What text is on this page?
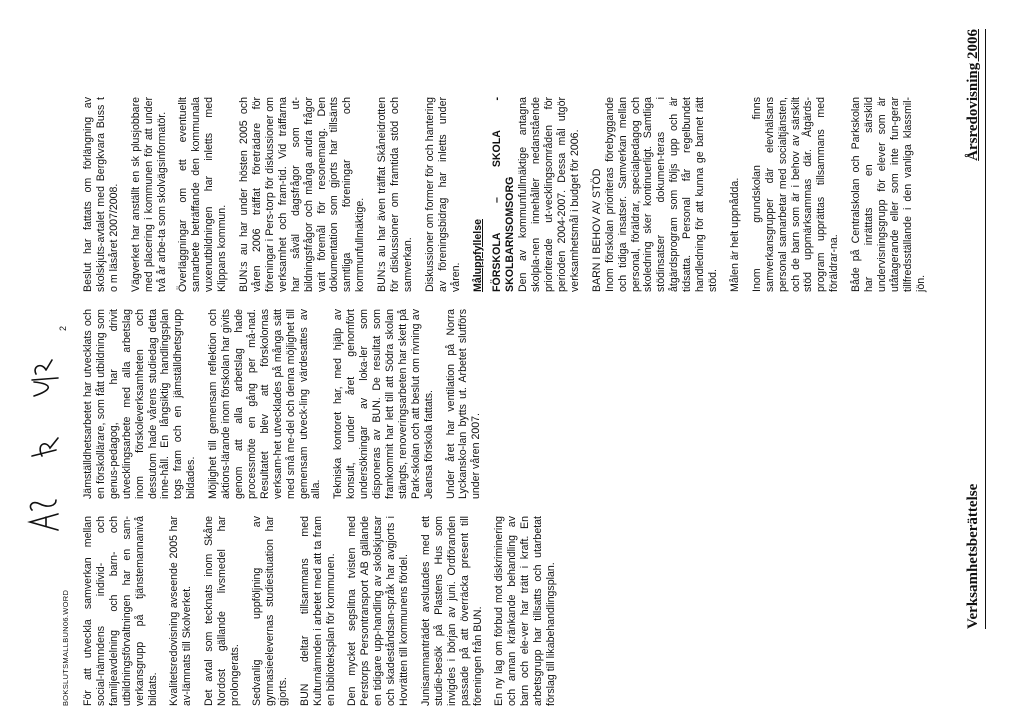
Verksamhetsberättelse
Årsredovisning 2006

För att utveckla samverkan mellan social-nämndens individ- och familjeavdelning och barn- och utbildningsförvaltningen har en sam-verkansgrupp på tjänstemannanivå bildats. Kvalitetsredovisning avseende 2005 har av-lämnats till Skolverket. Det avtal som tecknats inom Skåne Nordost gällande livsmedel har prolongerats. Sedvanlig uppföljning av gymnasieelevernas studiesituation har gjorts. BUN deltar tillsammans med Kulturnämnden i arbetet med att ta fram en biblioteksplan för kommunen. Den mycket segslitna tvisten med Perstorps Persontransport AB gällande en tidigare upp-handling av skolskjutsar och skadeståndsan-språk har avgjorts i Hovrätten till kommunens fördel. Junisammanträdet avslutades med ett studie-besök på Plastens Hus som invigdes i början av juni. Ordföranden passade på att överräcka present till föreningen från BUN. En ny lag om förbud mot diskriminering och annan kränkande behandling av barn och ele-ver har trätt i kraft. En arbetsgrupp har tillsatts och utarbetat förslag till likabehandlingsplan.

Jämställdhetsarbetet har utvecklats och en förskollärare, som fått utbildning som genus-pedagog, har drivit utvecklingsarbete med alla arbetslag inom förskoleverksamheten och dessutom hade vårens studiedag detta inne-håll. En långsiktig handlingsplan togs fram och en jämställdhetsgrupp bildades. Möjlighet till gemensam reflektion och aktions-lärande inom förskolan har givits genom att alla arbetslag hade processmöte en gång per må-nad. Resultatet blev att förskolornas verksam-het utvecklades på många sätt med små me-del och denna möjlighet till gemensam utveck-ling värdesattes av alla. Tekniska kontoret har, med hjälp av konsult, under året genomfört undersökningar av loka-ler som disponeras av BUN. De resultat som framkommit har lett till att Södra skolan stängts, renoveringsarbeten har skett på Park-skolan och att beslut om rivning av Jeansa förskola fattats. Under året har ventilation på Norra Lyckansko-lan bytts ut. Arbetet slutförs under våren 2007.

Beslut har fattats om förlängning av skolskjuts-avtalet med Bergkvara Buss t o m läsåret 2007/2008. Vägverket har anställt en sk plusjobbare med placering i kommunen för att under två år arbe-ta som skolvägsinformatör. Överläggningar om ett eventuellt samarbete beträffande den kommunala vuxenutbildningen har inletts med Klippans kommun. BUN:s au har under hösten 2005 och våren 2006 träffat företrädare för föreningar i Pers-torp för diskussioner om verksamhet och fram-tid. Vid träffarna har såväl dagsfrågor som ut-bildningsfrågor och många andra frågor varit föremål för resonemang. Den dokumentation som gjorts har tillsänts samtliga föreningar och kommunfullmäktige. BUN:s au har även träffat Skåneidrotten för diskussioner om framtida stöd och samverkan. Diskussioner om former för och hantering av föreningsbidrag har inletts under våren. Måluppfyllelse FÖRSKOLA – SKOLA - SKOLBARNSOMSORG Den av kommunfullmäktige antagna skolpla-nen innehåller nedanstående prioriterade ut-vecklingsområden för perioden 2004-2007. Dessa mål utgör verksamhetsmål i budget för 2006. BARN I BEHOV AV STÖD Inom förskolan prioriteras förebyggande och tidiga insatser. Samverkan mellan personal, föräldrar, specialpedagog och skoledning sker kontinuerligt. Samtliga stödinsatser dokumen-teras i åtgärdsprogram som följs upp och är tidsatta. Personal får regelbundet handledning för att kunna ge barnet rätt stöd. Målen är helt uppnådda. Inom grundskolan finns samverkansgrupper där elevhälsans personal samarbetar med socialtjänsten, och de barn som är i behov av särskilt stöd uppmärksammas där. Åtgärds-program upprättas tillsammans med föräldrar-na. Både på Centralskolan och Parkskolan har inrättats en särskild undervisningsgrupp för elever som är utåtagerande eller som inte fun-gerar tillfredsställande i den vanliga klassmil-jön.

BOKSLUTSMALLBUN06.WORD
2
